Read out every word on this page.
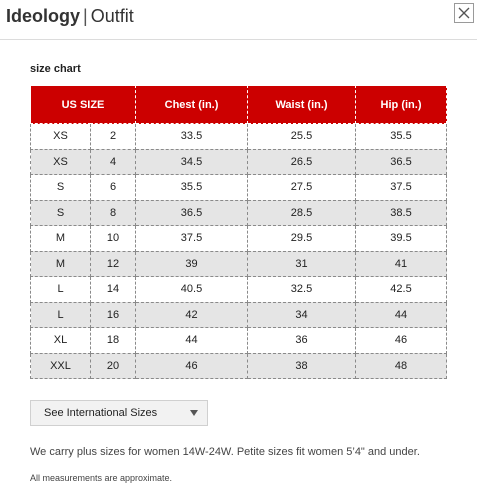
Ideology | Outfit
size chart
US SIZE		Chest (in.)	Waist (in.)	Hip (in.)
XS	2	33.5	25.5	35.5
XS	4	34.5	26.5	36.5
S	6	35.5	27.5	37.5
S	8	36.5	28.5	38.5
M	10	37.5	29.5	39.5
M	12	39	31	41
L	14	40.5	32.5	42.5
L	16	42	34	44
XL	18	44	36	46
XXL	20	46	38	48
See International Sizes
We carry plus sizes for women 14W-24W. Petite sizes fit women 5’4" and under.
All measurements are approximate.
